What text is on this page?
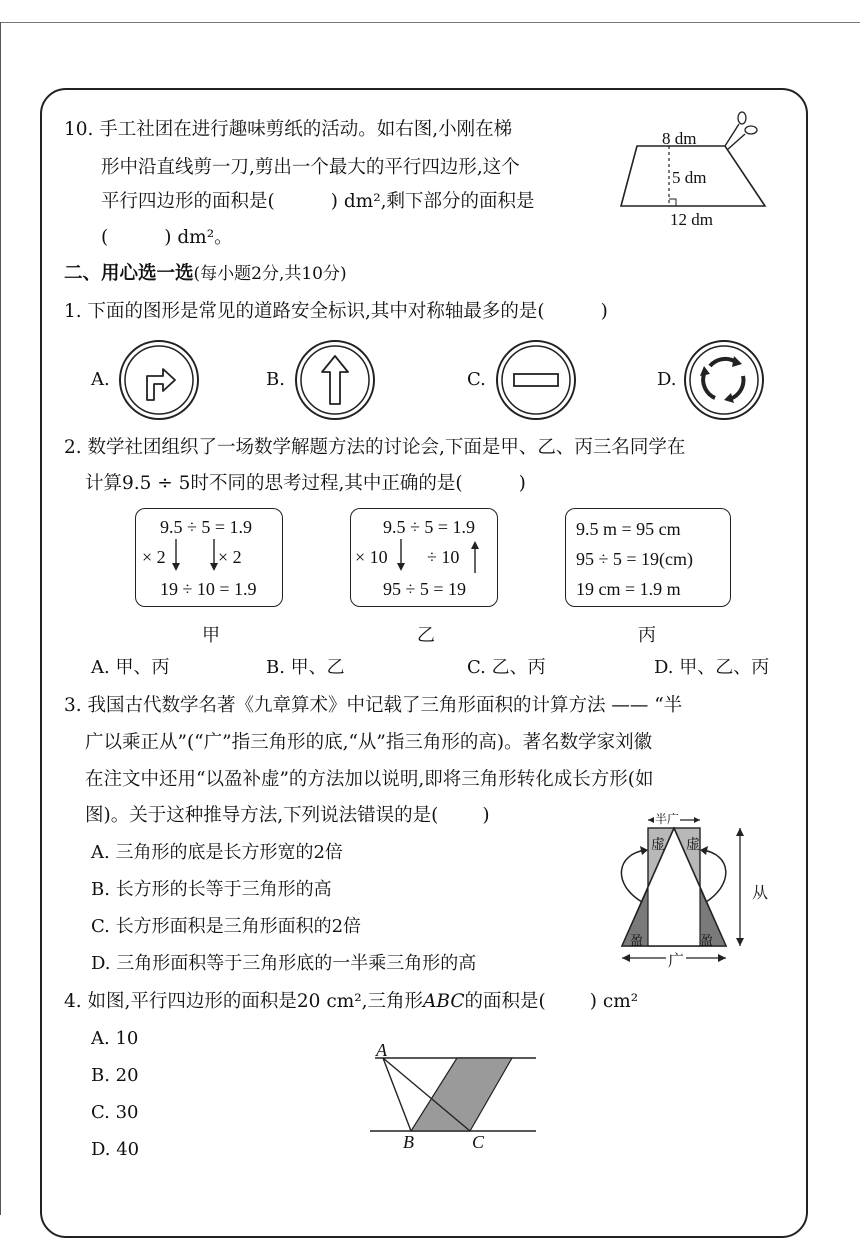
10. 手工社团在进行趣味剪纸的活动。如右图,小刚在梯
形中沿直线剪一刀,剪出一个最大的平行四边形,这个
平行四边形的面积是(	) dm²,剩下部分的面积是
(	) dm²。
8 dm
5 dm
12 dm
二、用心选一选(每小题2分,共10分)
1. 下面的图形是常见的道路安全标识,其中对称轴最多的是(	)
A.	B.	C.	D.
2. 数学社团组织了一场数学解题方法的讨论会,下面是甲、乙、丙三名同学在
计算9.5 ÷ 5时不同的思考过程,其中正确的是(	)
9.5 ÷ 5 = 1.9
× 2	× 2
19 ÷ 10 = 1.9
9.5 ÷ 5 = 1.9
× 10 ÷ 10
95 ÷ 5 = 19
9.5 m = 95 cm
95 ÷ 5 = 19(cm)
19 cm = 1.9 m
甲	乙	丙
A. 甲、丙	B. 甲、乙	C. 乙、丙	D. 甲、乙、丙
3. 我国古代数学名著《九章算术》中记载了三角形面积的计算方法 —— “半
广以乘正从”(“广”指三角形的底,“从”指三角形的高)。著名数学家刘徽
在注文中还用“以盈补虚”的方法加以说明,即将三角形转化成长方形(如
图)。关于这种推导方法,下列说法错误的是( )
A. 三角形的底是长方形宽的2倍
B. 长方形的长等于三角形的高
C. 长方形面积是三角形面积的2倍
D. 三角形面积等于三角形底的一半乘三角形的高
半广
虚 虚
盈	盈
从
广
4. 如图,平行四边形的面积是20 cm²,三角形ABC的面积是( ) cm²
A. 10
B. 20
C. 30
D. 40
A
B	C
